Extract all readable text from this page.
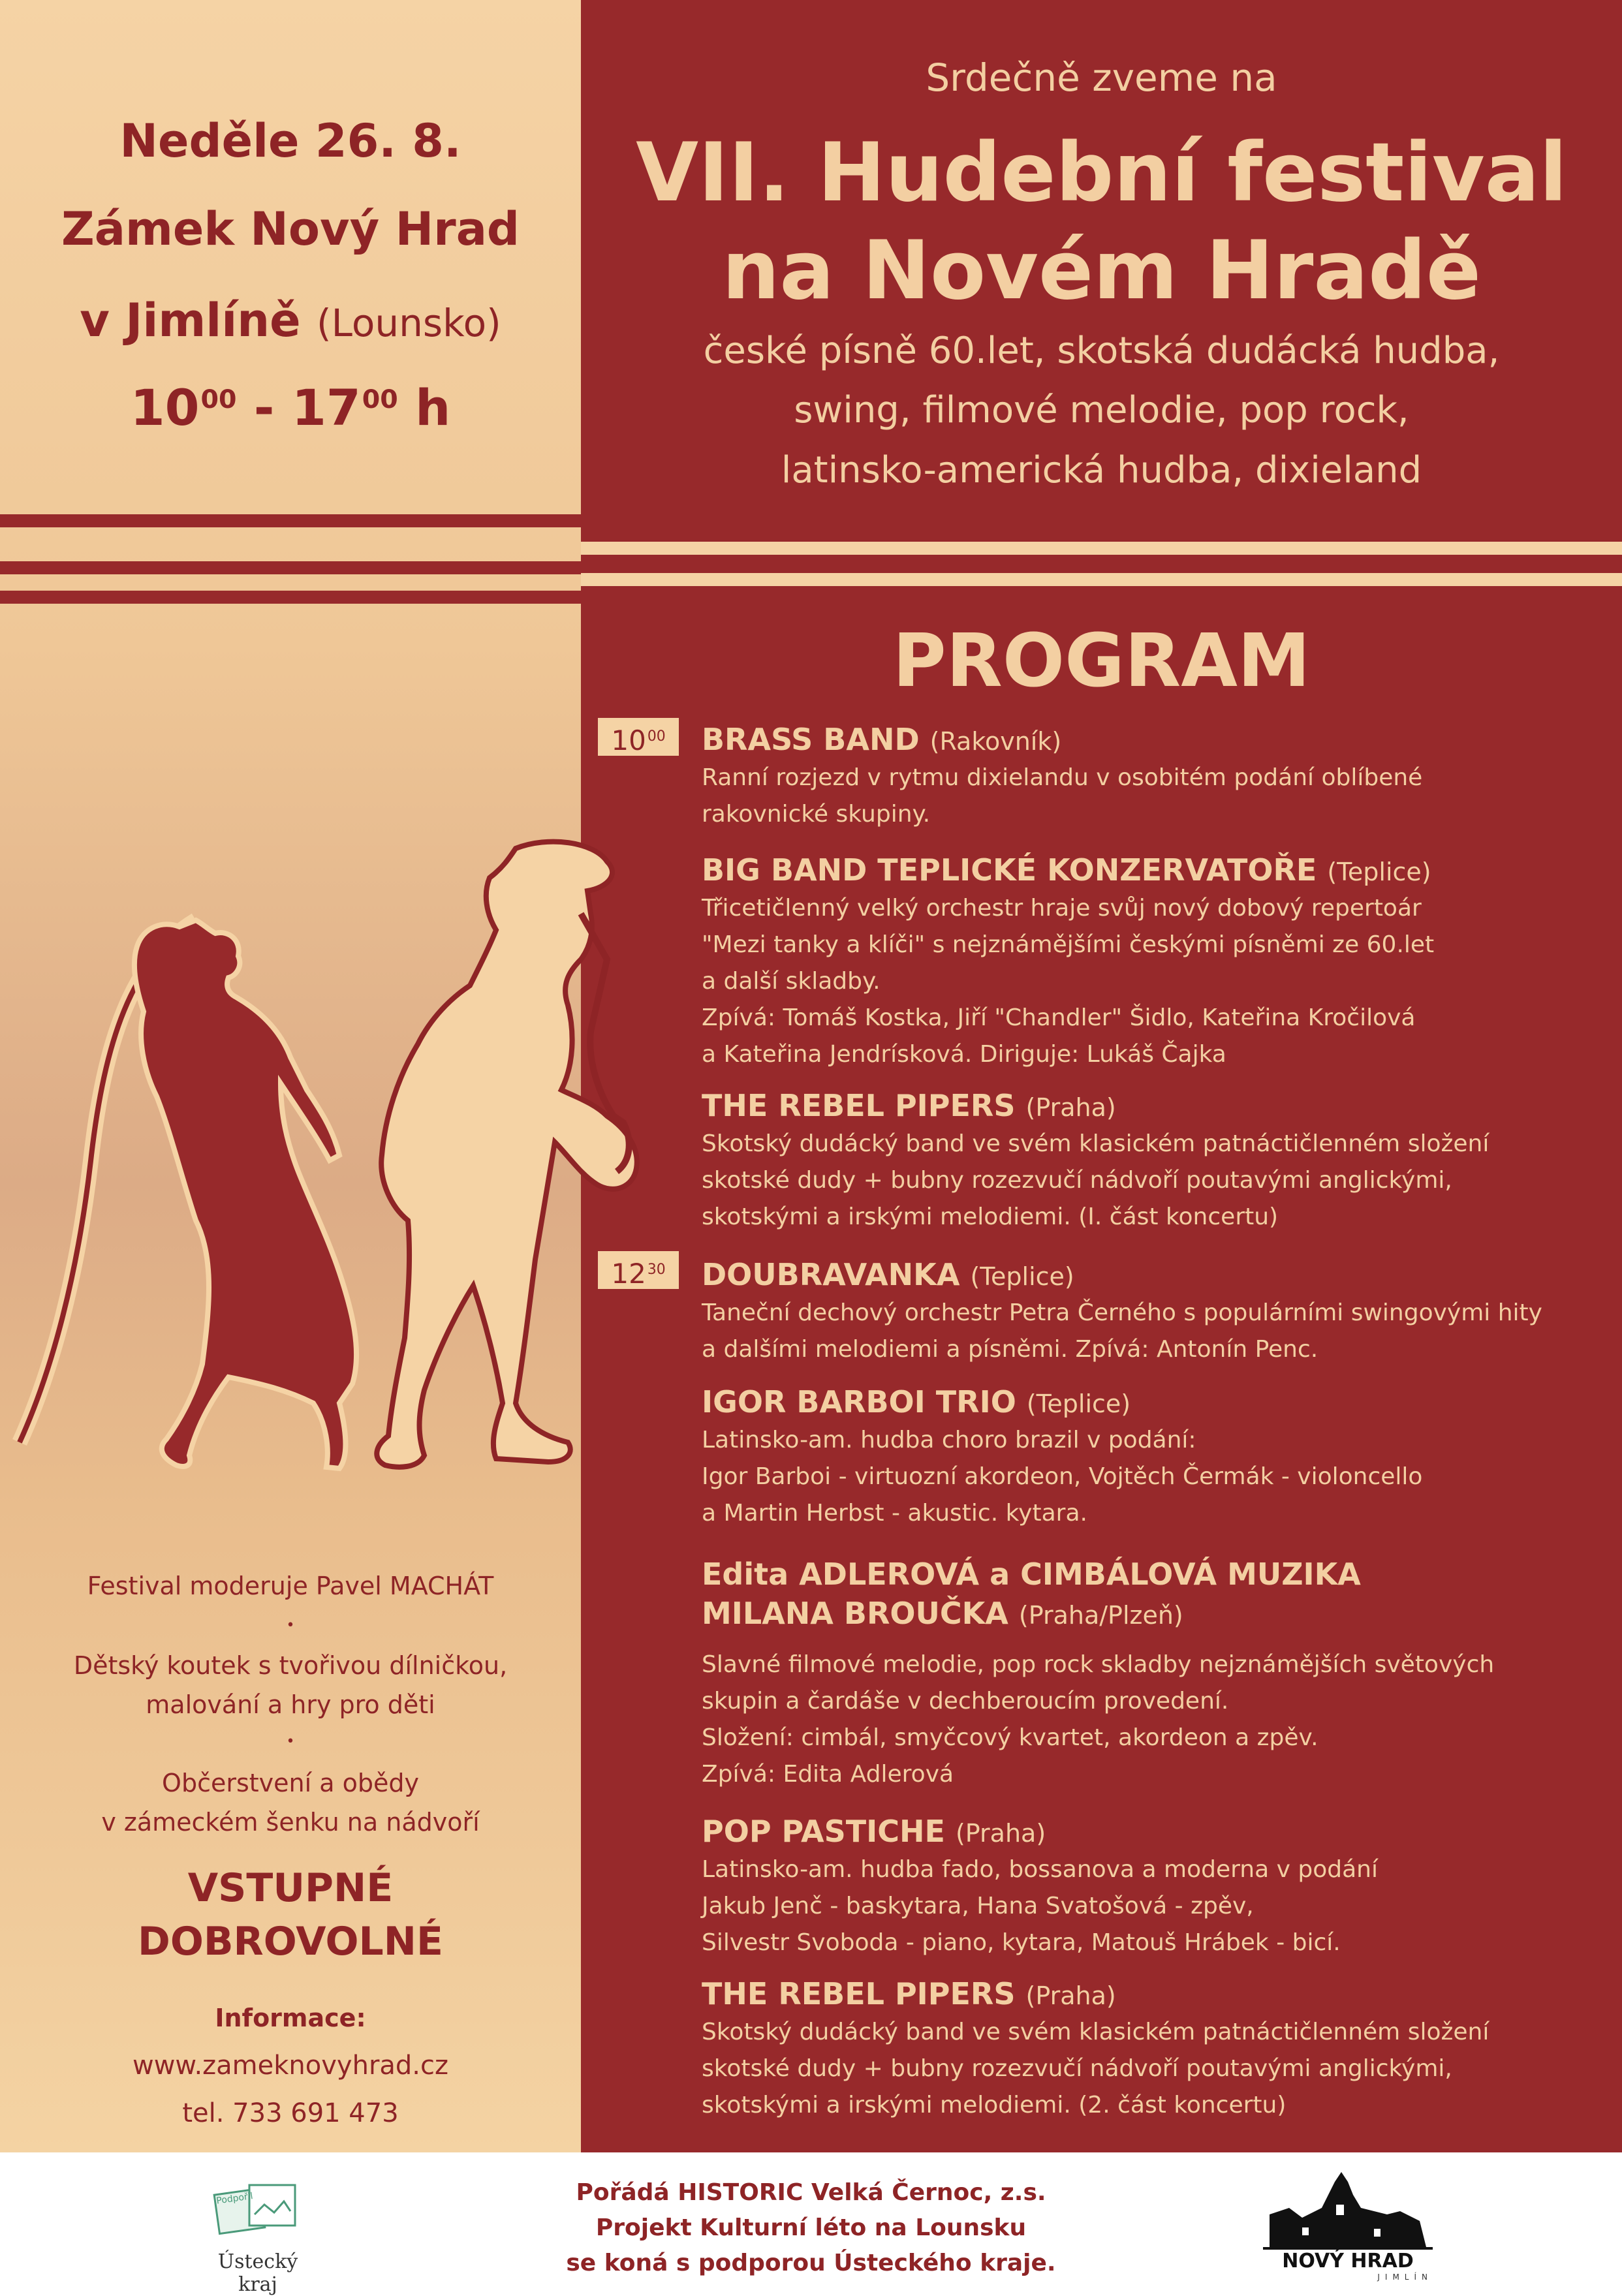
Neděle 26. 8.
Zámek Nový Hrad
v Jimlíně (Lounsko)
$10^{00} - 17^{00}$ h
Srdečně zveme na
VII. Hudební festival
na Novém Hradě
české písně 60.let, skotská dudácká hudba,
swing, filmové melodie, pop rock,
latinsko-americká hudba, dixieland
PROGRAM
$10^{00}$
$12^{30}$
BRASS BAND (Rakovník)
Ranní rozjezd v rytmu dixielandu v osobitém podání oblíbené
rakovnické skupiny.
BIG BAND TEPLICKÉ KONZERVATOŘE (Teplice)
Třicetičlenný velký orchestr hraje svůj nový dobový repertoár
"Mezi tanky a klíči" s nejznámějšími českými písněmi ze 60.let
a další skladby.
Zpívá: Tomáš Kostka, Jiří "Chandler" Šidlo, Kateřina Kročilová
a Kateřina Jendrísková. Diriguje: Lukáš Čajka
THE REBEL PIPERS (Praha)
Skotský dudácký band ve svém klasickém patnáctičlenném složení
skotské dudy + bubny rozezvučí nádvoří poutavými anglickými,
skotskými a irskými melodiemi. (I. část koncertu)
DOUBRAVANKA (Teplice)
Taneční dechový orchestr Petra Černého s populárními swingovými hity
a dalšími melodiemi a písněmi. Zpívá: Antonín Penc.
IGOR BARBOI TRIO (Teplice)
Latinsko-am. hudba choro brazil v podání:
Igor Barboi - virtuozní akordeon, Vojtěch Čermák - violoncello
a Martin Herbst - akustic. kytara.
Edita ADLEROVÁ a CIMBÁLOVÁ MUZIKA
MILANA BROUČKA (Praha/Plzeň)
Slavné filmové melodie, pop rock skladby nejznámějších světových
skupin a čardáše v dechberoucím provedení.
Složení: cimbál, smyčcový kvartet, akordeon a zpěv.
Zpívá: Edita Adlerová
POP PASTICHE (Praha)
Latinsko-am. hudba fado, bossanova a moderna v podání
Jakub Jenč - baskytara, Hana Svatošová - zpěv,
Silvestr Svoboda - piano, kytara, Matouš Hrábek - bicí.
THE REBEL PIPERS (Praha)
Skotský dudácký band ve svém klasickém patnáctičlenném složení
skotské dudy + bubny rozezvučí nádvoří poutavými anglickými,
skotskými a irskými melodiemi. (2. část koncertu)
Festival moderuje Pavel MACHÁT
•
Dětský koutek s tvořivou dílničkou,
malování a hry pro děti
•
Občerstvení a obědy
v zámeckém šenku na nádvoří
VSTUPNÉ
DOBROVOLNÉ
Informace:
www.zameknovyhrad.cz
tel. 733 691 473
Podpořil
Ústecký kraj
Pořádá HISTORIC Velká Černoc, z.s.
Projekt Kulturní léto na Lounsku
se koná s podporou Ústeckého kraje.	NOVÝ HRAD
JIMLÍN
